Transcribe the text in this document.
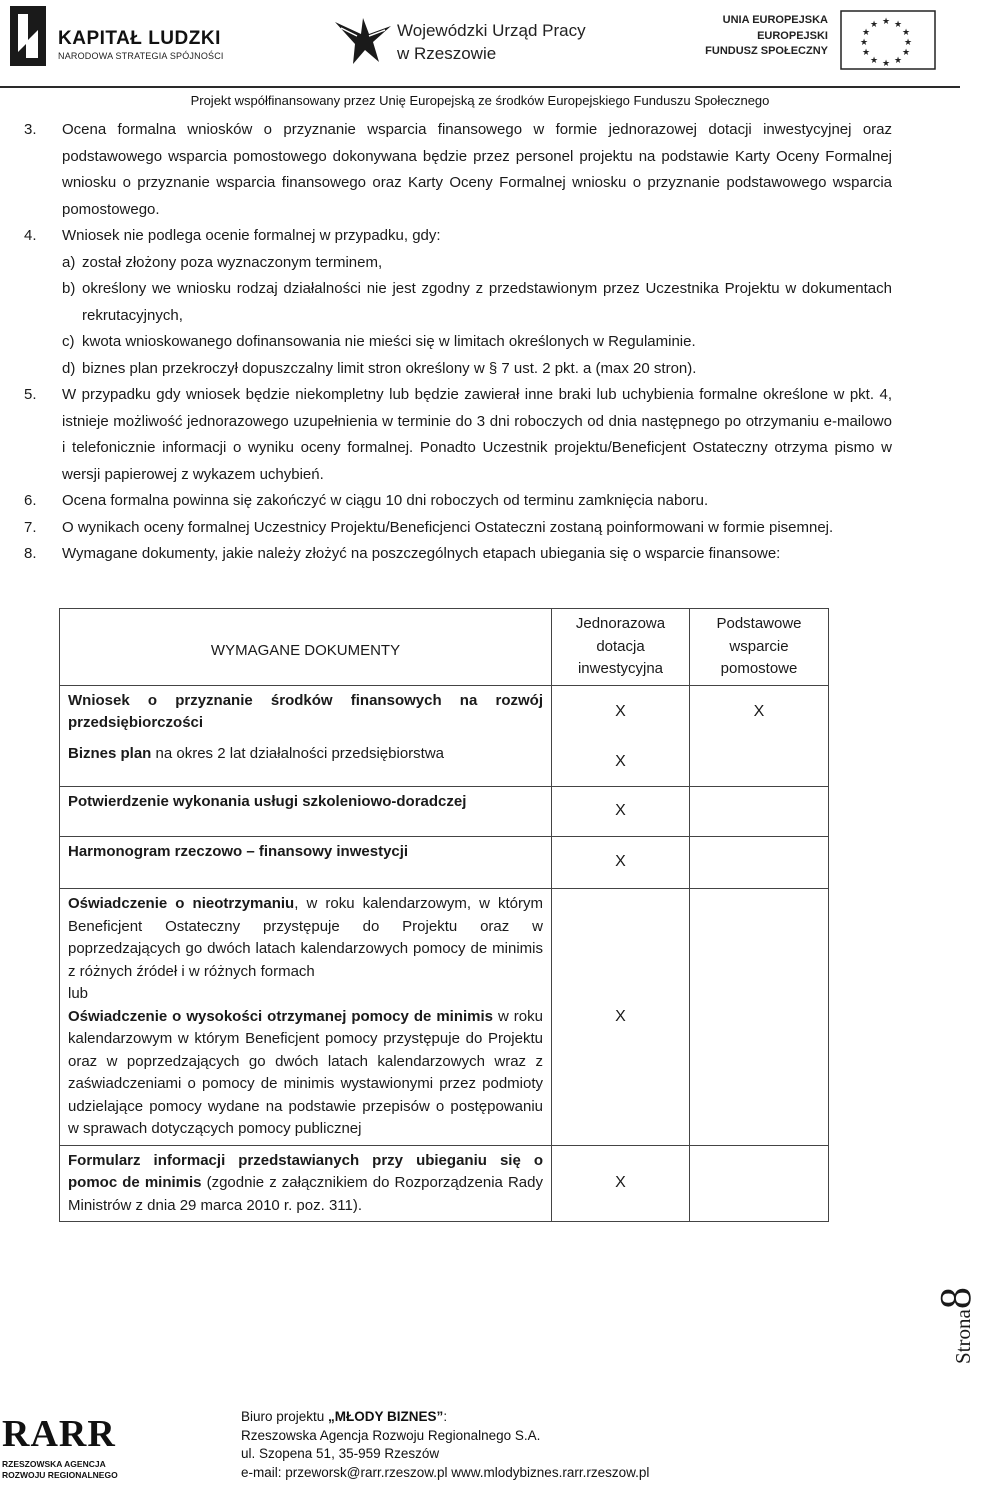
KAPITAŁ LUDZKI
NARODOWA STRATEGIA SPÓJNOŚCI
Wojewódzki Urząd Pracy
w Rzeszowie
UNIA EUROPEJSKA
EUROPEJSKI
FUNDUSZ SPOŁECZNY
★ ★
★
★
★
★
★
★
★
★
★
★
Projekt współfinansowany przez Unię Europejską ze środków Europejskiego Funduszu Społecznego
3. Ocena formalna wniosków o przyznanie wsparcia finansowego w formie jednorazowej dotacji inwestycyjnej oraz podstawowego wsparcia pomostowego dokonywana będzie przez personel projektu na podstawie Karty Oceny Formalnej wniosku o przyznanie wsparcia finansowego oraz Karty Oceny Formalnej wniosku o przyznanie podstawowego wsparcia pomostowego.
4. Wniosek nie podlega ocenie formalnej w przypadku, gdy:
a) został złożony poza wyznaczonym terminem,
b) określony we wniosku rodzaj działalności nie jest zgodny z przedstawionym przez Uczestnika Projektu w dokumentach rekrutacyjnych,
c) kwota wnioskowanego dofinansowania nie mieści się w limitach określonych w Regulaminie.
d) biznes plan przekroczył dopuszczalny limit stron określony w § 7 ust. 2 pkt. a (max 20 stron).
5. W przypadku gdy wniosek będzie niekompletny lub będzie zawierał inne braki lub uchybienia formalne określone w pkt. 4, istnieje możliwość jednorazowego uzupełnienia w terminie do 3 dni roboczych od dnia następnego po otrzymaniu e-mailowo i telefonicznie informacji o wyniku oceny formalnej. Ponadto Uczestnik projektu/Beneficjent Ostateczny otrzyma pismo w wersji papierowej z wykazem uchybień.
6. Ocena formalna powinna się zakończyć w ciągu 10 dni roboczych od terminu zamknięcia naboru.
7. O wynikach oceny formalnej Uczestnicy Projektu/Beneficjenci Ostateczni zostaną poinformowani w formie pisemnej.
8. Wymagane dokumenty, jakie należy złożyć na poszczególnych etapach ubiegania się o wsparcie finansowe:
WYMAGANE DOKUMENTY	Jednorazowa dotacja inwestycyjna	Podstawowe wsparcie pomostowe
Wniosek o przyznanie środków finansowych na rozwój przedsiębiorczości	X	X
Biznes plan na okres 2 lat działalności przedsiębiorstwa	X	
Potwierdzenie wykonania usługi szkoleniowo-doradczej	X	
Harmonogram rzeczowo – finansowy inwestycji	X	
Oświadczenie o nieotrzymaniu, w roku kalendarzowym, w którym Beneficjent Ostateczny przystępuje do Projektu oraz w poprzedzających go dwóch latach kalendarzowych pomocy de minimis z różnych źródeł i w różnych formach
lub
Oświadczenie o wysokości otrzymanej pomocy de minimis w roku kalendarzowym w którym Beneficjent pomocy przystępuje do Projektu oraz w poprzedzających go dwóch latach kalendarzowych wraz z zaświadczeniami o pomocy de minimis wystawionymi przez podmioty udzielające pomocy wydane na podstawie przepisów o postępowaniu w sprawach dotyczących pomocy publicznej	X	
Formularz informacji przedstawianych przy ubieganiu się o pomoc de minimis (zgodnie z załącznikiem do Rozporządzenia Rady Ministrów z dnia 29 marca 2010 r. poz. 311).	X	
Strona8
RARR
RZESZOWSKA AGENCJA
ROZWOJU REGIONALNEGO
Biuro projektu „MŁODY BIZNES”:
Rzeszowska Agencja Rozwoju Regionalnego S.A.
ul. Szopena 51, 35-959 Rzeszów
e-mail: przeworsk@rarr.rzeszow.pl www.mlodybiznes.rarr.rzeszow.pl
